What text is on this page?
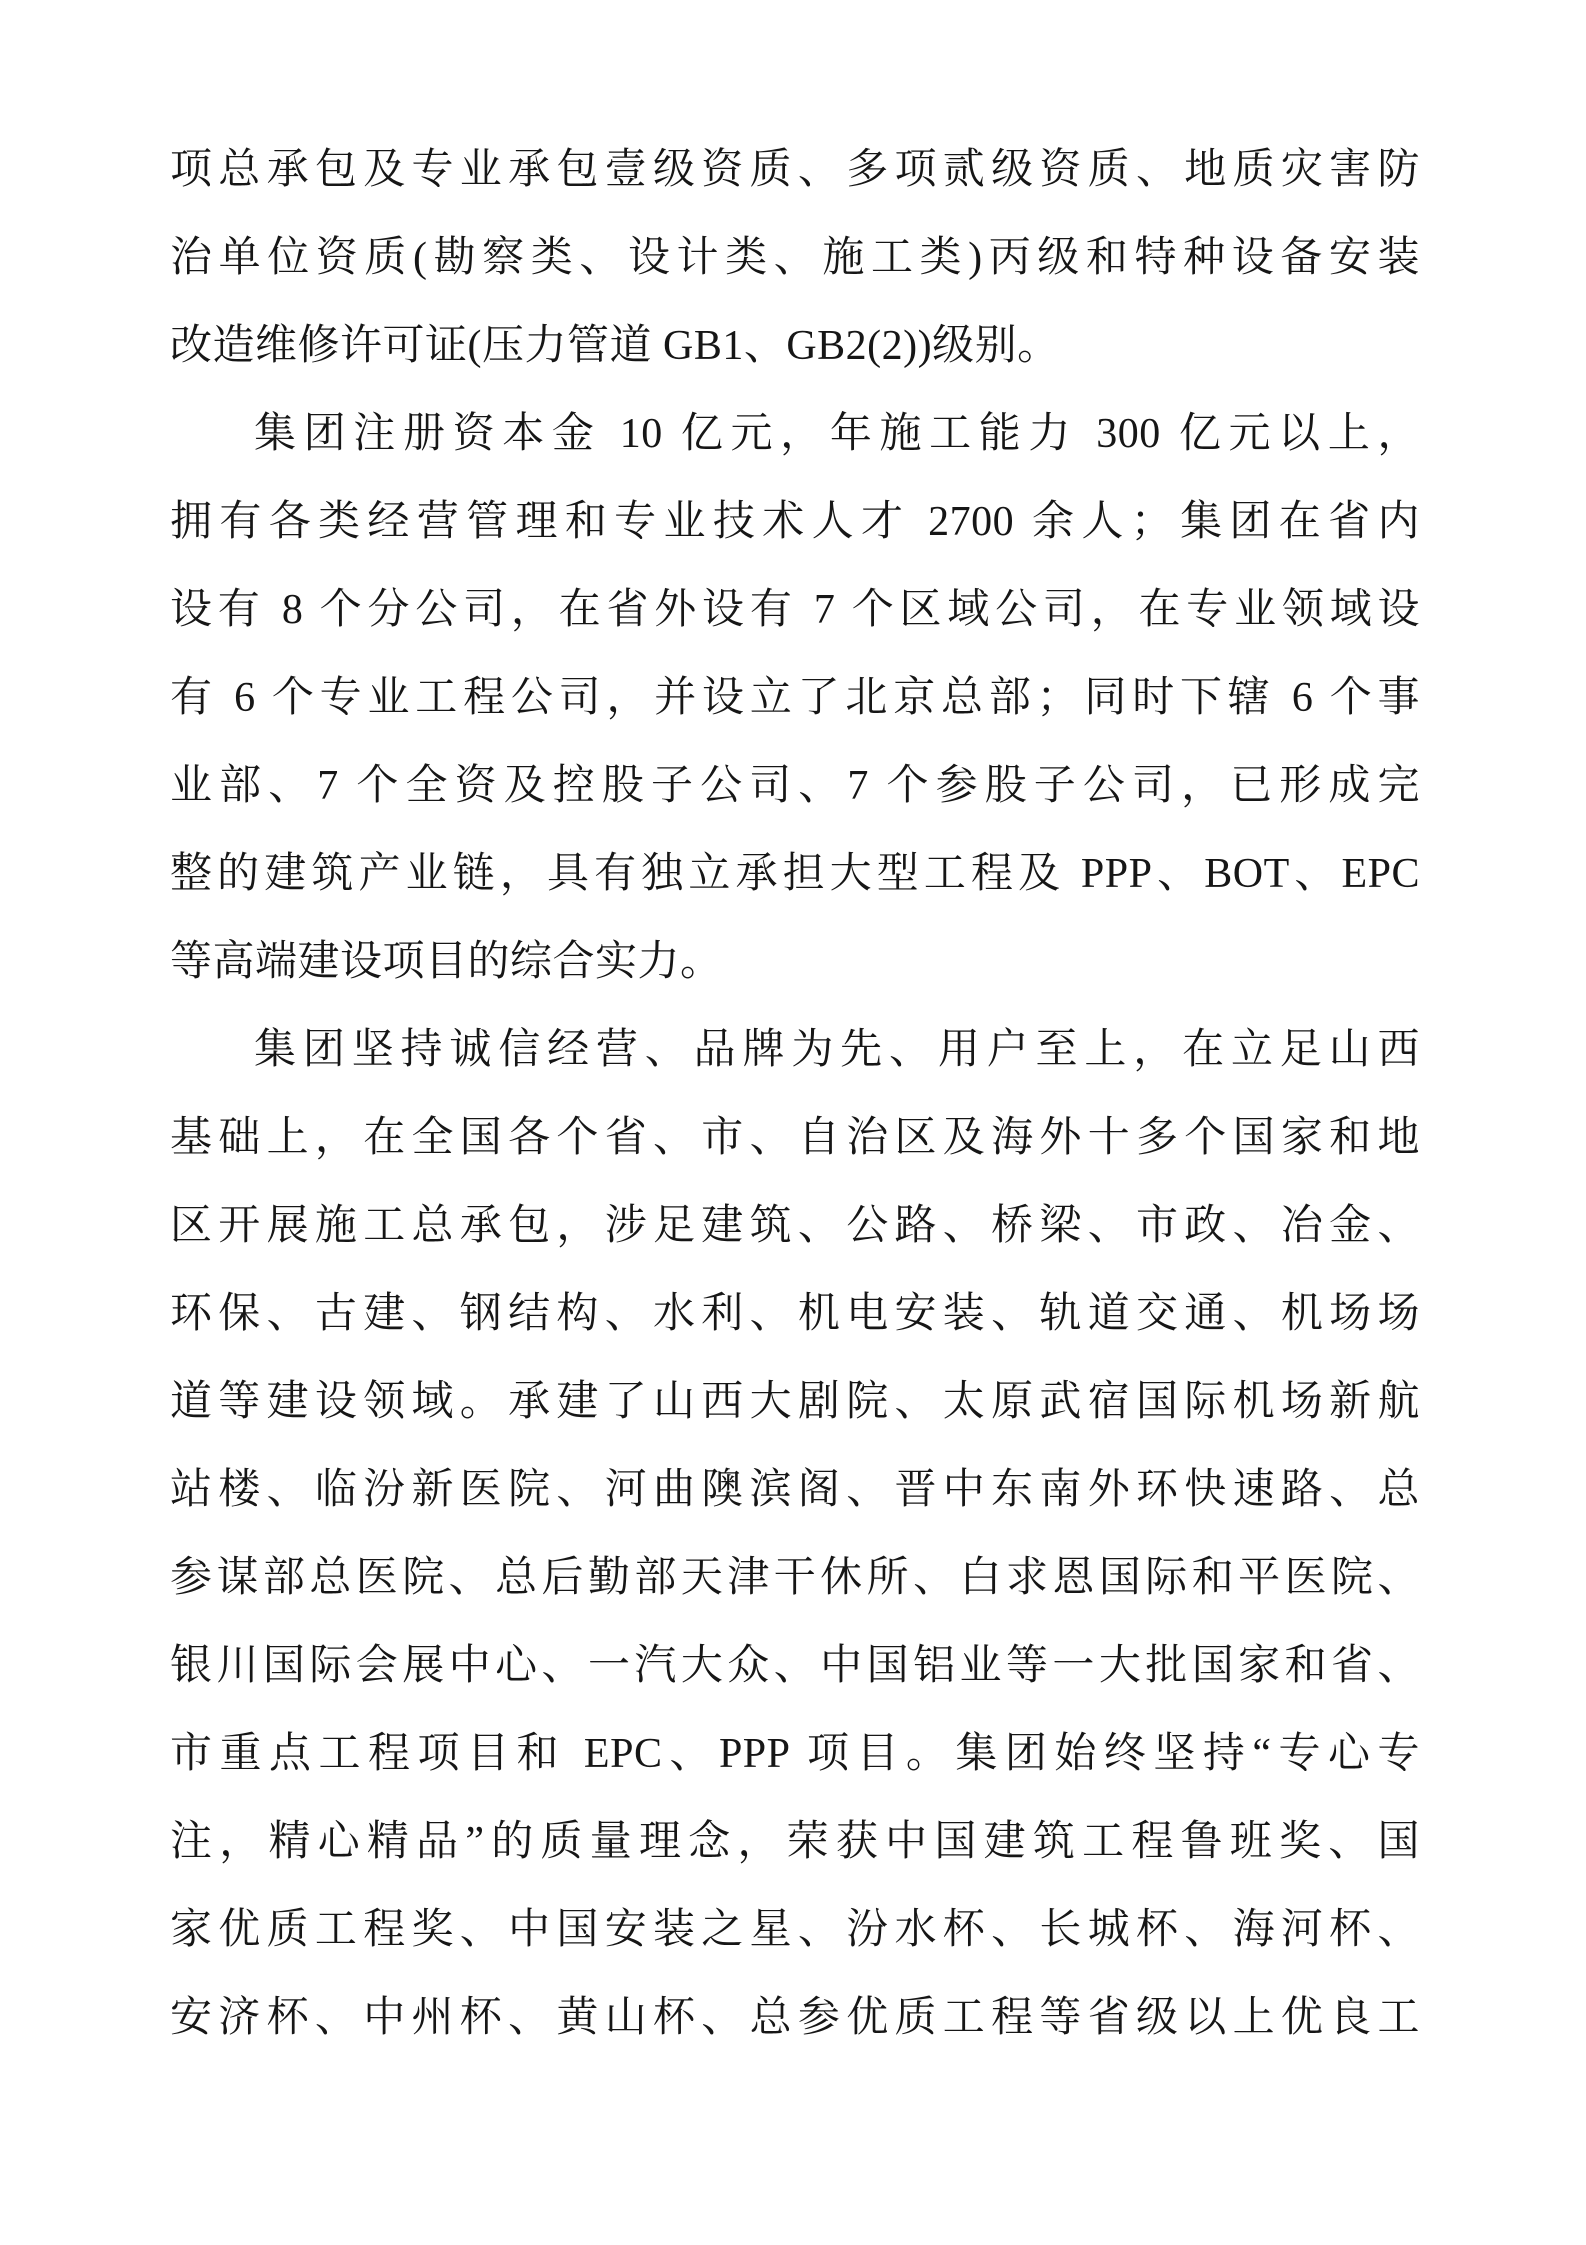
项总承包及专业承包壹级资质、多项贰级资质、地质灾害防
治单位资质(勘察类、设计类、施工类)丙级和特种设备安装
改造维修许可证(压力管道 GB1、GB2(2))级别。
集团注册资本金 10 亿元，年施工能力 300 亿元以上，
拥有各类经营管理和专业技术人才 2700 余人；集团在省内
设有 8 个分公司，在省外设有 7 个区域公司，在专业领域设
有 6 个专业工程公司，并设立了北京总部；同时下辖 6 个事
业部、7 个全资及控股子公司、7 个参股子公司，已形成完
整的建筑产业链，具有独立承担大型工程及 PPP、BOT、EPC
等高端建设项目的综合实力。
集团坚持诚信经营、品牌为先、用户至上，在立足山西
基础上，在全国各个省、市、自治区及海外十多个国家和地
区开展施工总承包，涉足建筑、公路、桥梁、市政、冶金、
环保、古建、钢结构、水利、机电安装、轨道交通、机场场
道等建设领域。承建了山西大剧院、太原武宿国际机场新航
站楼、临汾新医院、河曲隩滨阁、晋中东南外环快速路、总
参谋部总医院、总后勤部天津干休所、白求恩国际和平医院、
银川国际会展中心、一汽大众、中国铝业等一大批国家和省、
市重点工程项目和 EPC、PPP 项目。集团始终坚持“专心专
注，精心精品”的质量理念，荣获中国建筑工程鲁班奖、国
家优质工程奖、中国安装之星、汾水杯、长城杯、海河杯、
安济杯、中州杯、黄山杯、总参优质工程等省级以上优良工
